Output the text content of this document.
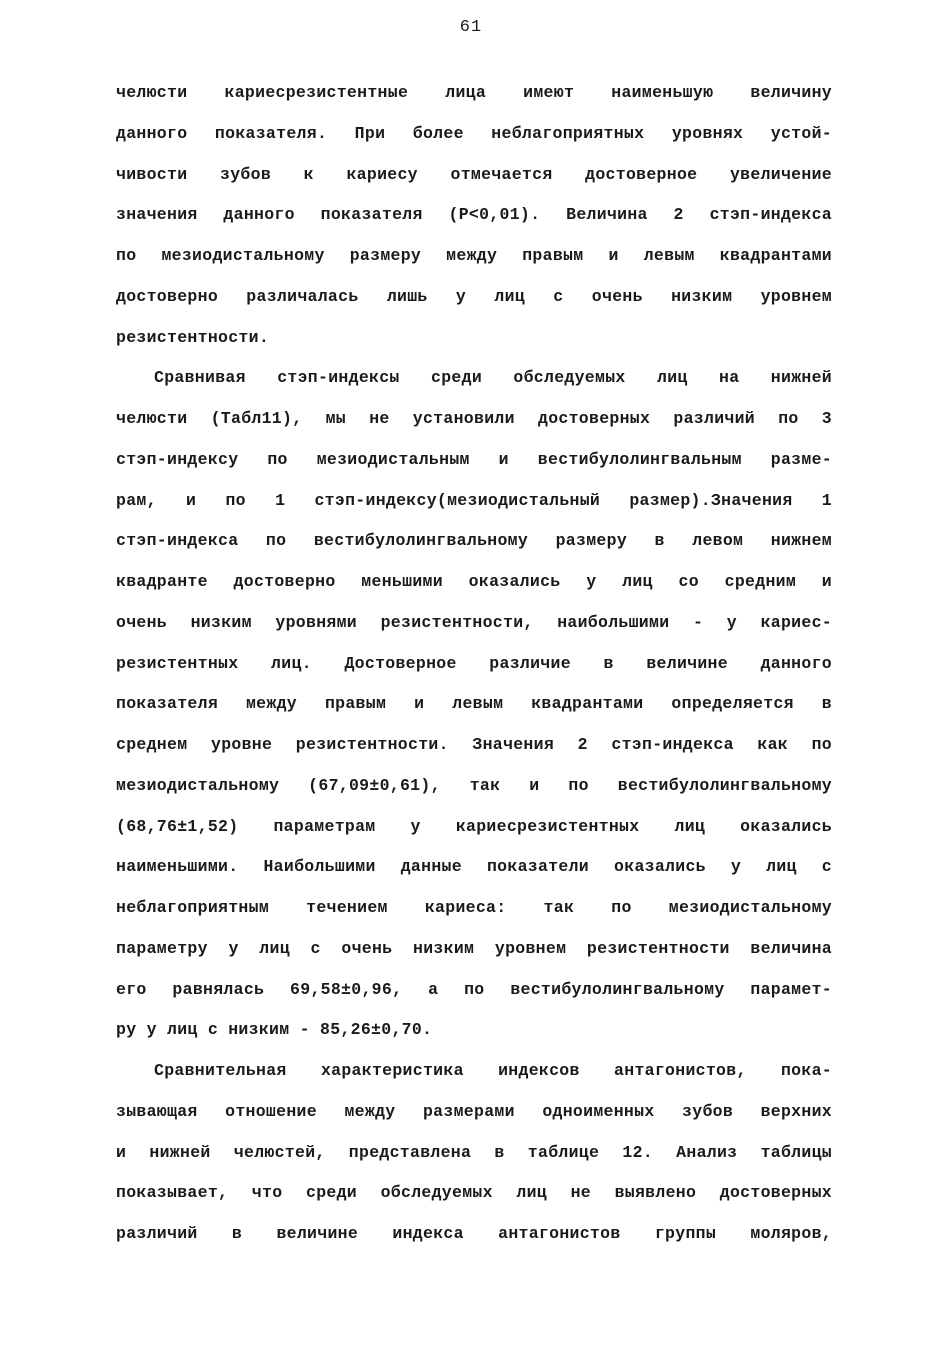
61
челюсти кариесрезистентные лица имеют наименьшую величину
данного показателя. При более неблагоприятных уровнях устой-
чивости зубов к кариесу отмечается достоверное увеличение
значения данного показателя (Р<0,01). Величина 2 стэп-индекса
по мезиодистальному размеру между правым и левым квадрантами
достоверно различалась лишь у лиц с очень низким уровнем
резистентности.
Сравнивая стэп-индексы среди обследуемых лиц на нижней
челюсти (Табл11), мы не установили достоверных различий по 3
стэп-индексу по мезиодистальным и вестибулолингвальным разме-
рам, и по 1 стэп-индексу(мезиодистальный размер).Значения 1
стэп-индекса по вестибулолингвальному размеру в левом нижнем
квадранте достоверно меньшими оказались у лиц со средним и
очень низким уровнями резистентности, наибольшими - у кариес-
резистентных лиц. Достоверное различие в величине данного
показателя между правым и левым квадрантами определяется в
среднем уровне резистентности. Значения 2 стэп-индекса как по
мезиодистальному (67,09±0,61), так и по вестибулолингвальному
(68,76±1,52) параметрам у кариесрезистентных лиц оказались
наименьшими. Наибольшими данные показатели оказались у лиц с
неблагоприятным течением кариеса: так по мезиодистальному
параметру у лиц с очень низким уровнем резистентности величина
его равнялась 69,58±0,96, а по вестибулолингвальному парамет-
ру у лиц с низким - 85,26±0,70.
Сравнительная характеристика индексов антагонистов, пока-
зывающая отношение между размерами одноименных зубов верхних
и нижней челюстей, представлена в таблице 12. Анализ таблицы
показывает, что среди обследуемых лиц не выявлено достоверных
различий в величине индекса антагонистов группы моляров,
